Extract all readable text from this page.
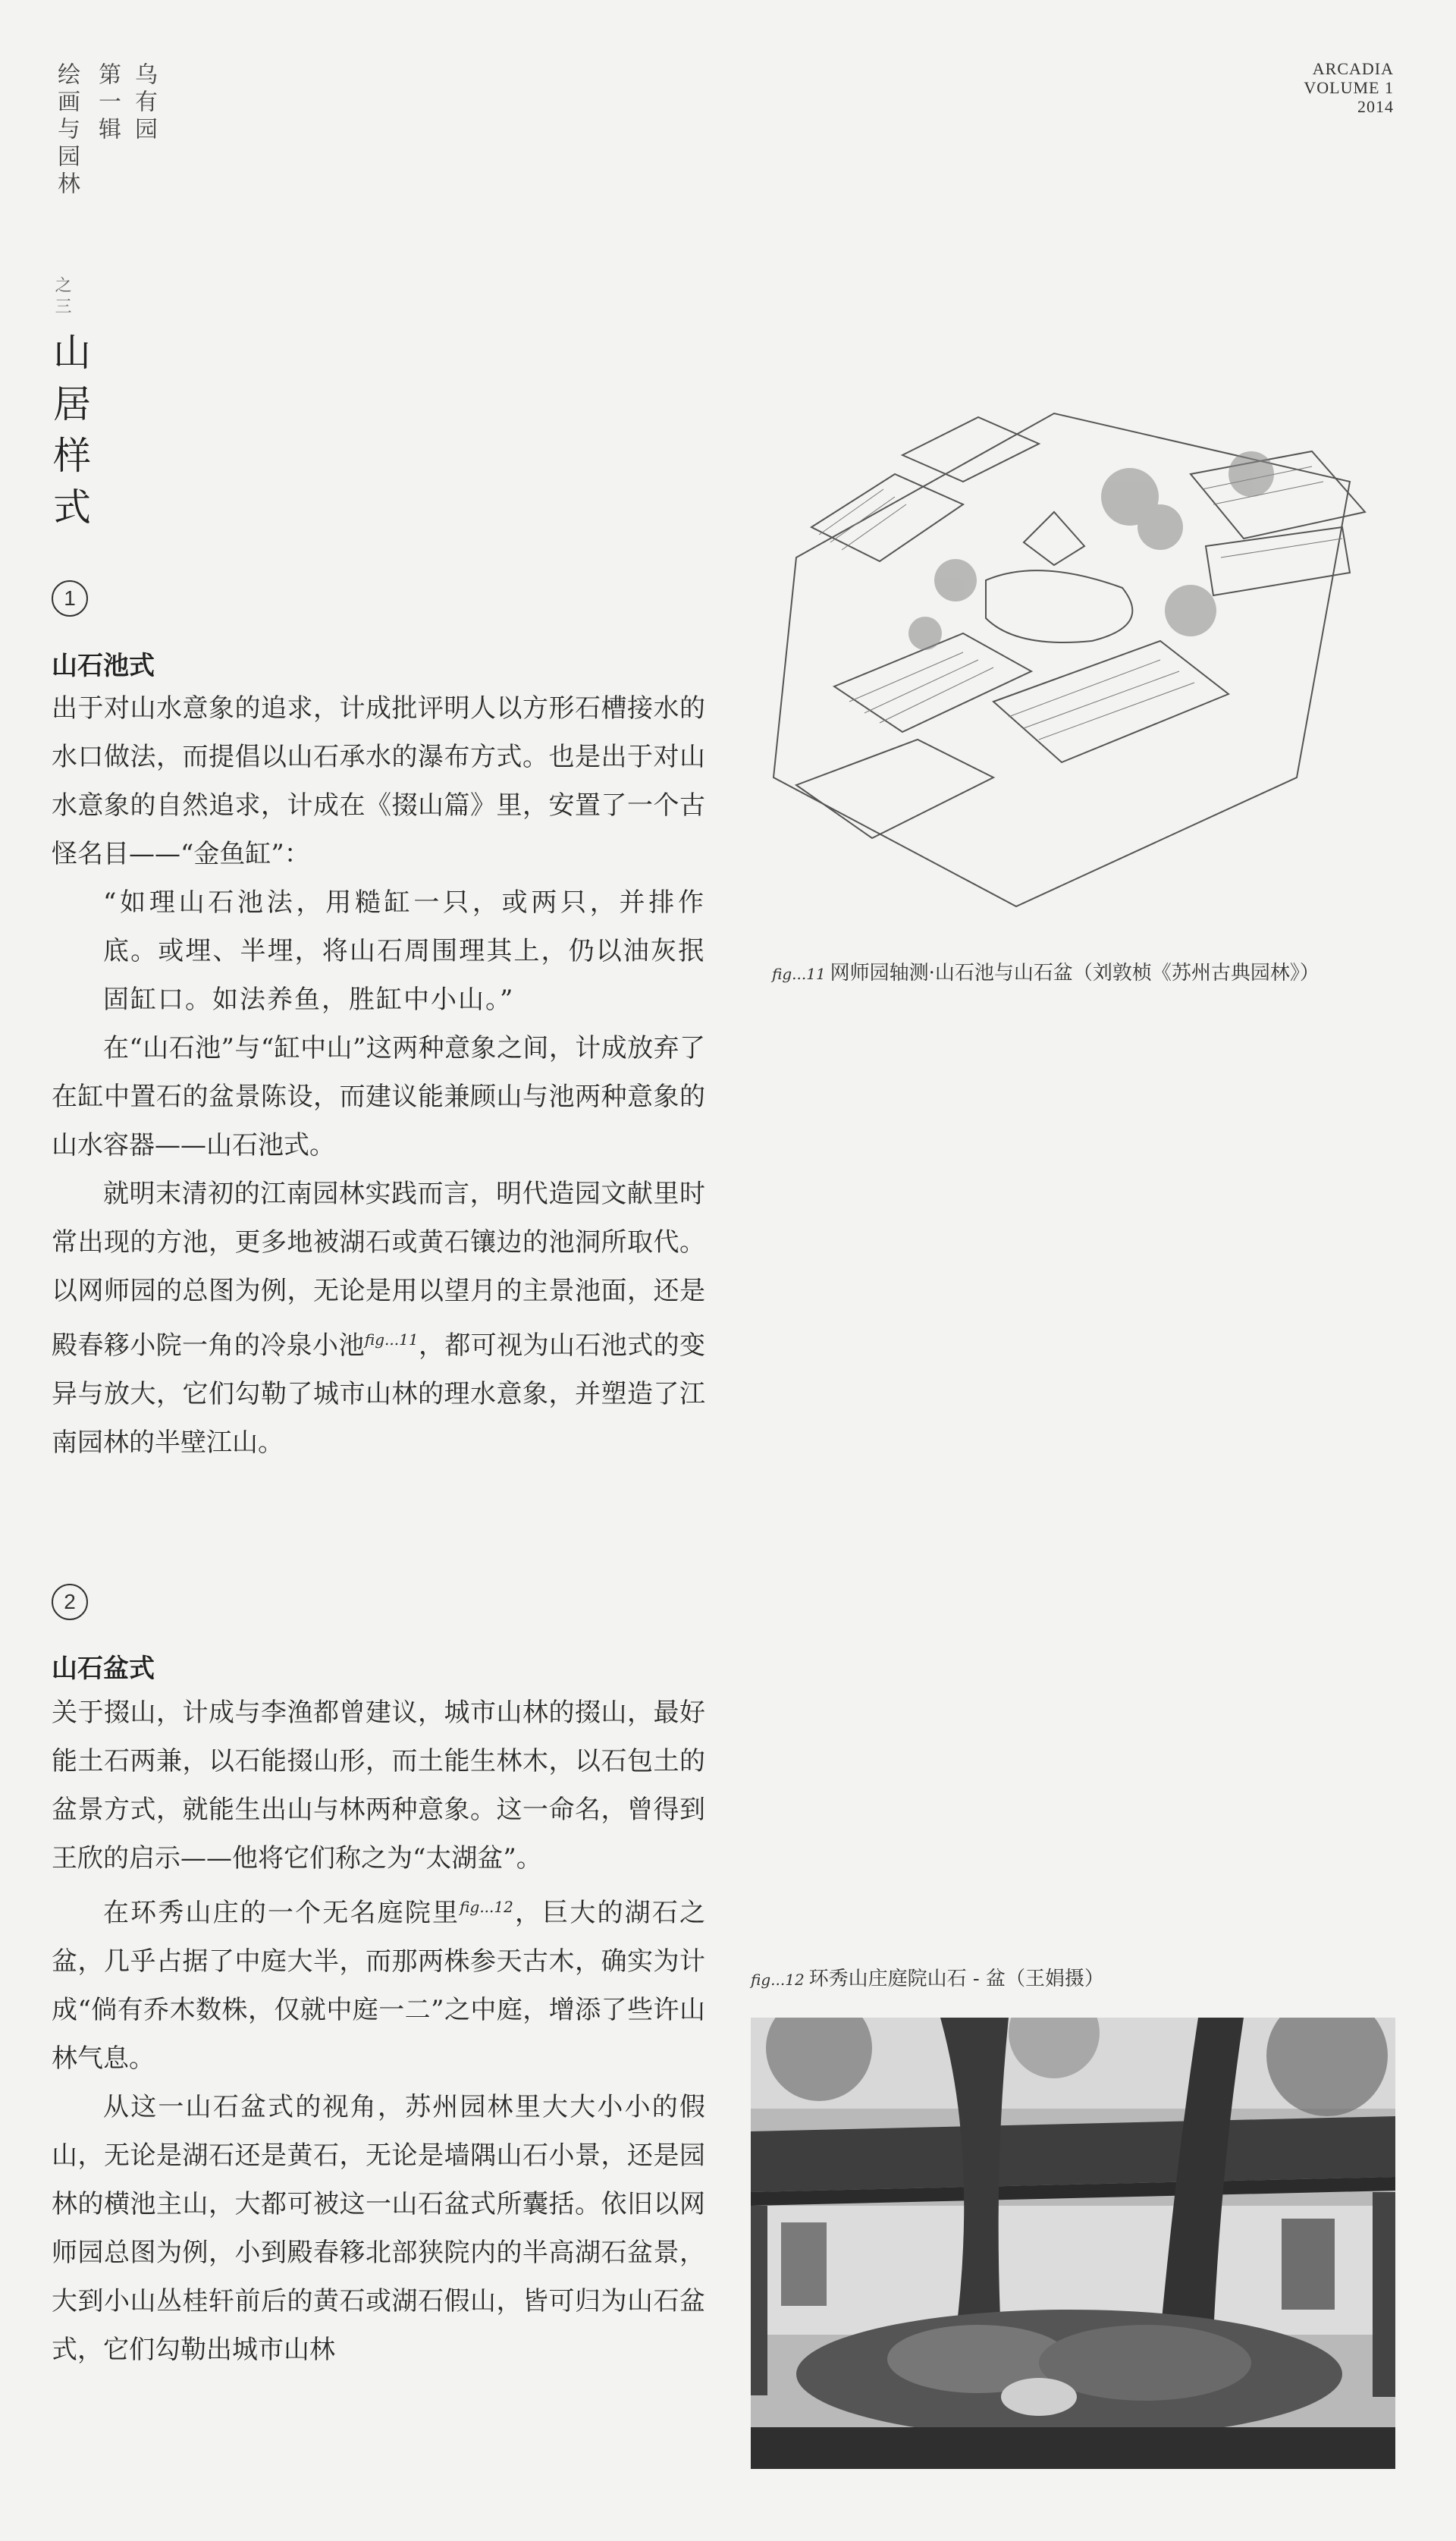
乌有园
第一辑
绘画与园林	ARCADIA
VOLUME 1
2014
之三
山居样式
1
山石池式

出于对山水意象的追求，计成批评明人以方形石槽接水的水口做法，而提倡以山石承水的瀑布方式。也是出于对山水意象的自然追求，计成在《掇山篇》里，安置了一个古怪名目——“金鱼缸”：

“如理山石池法，用糙缸一只，或两只，并排作底。或埋、半埋，将山石周围理其上，仍以油灰抿固缸口。如法养鱼，胜缸中小山。”

在“山石池”与“缸中山”这两种意象之间，计成放弃了在缸中置石的盆景陈设，而建议能兼顾山与池两种意象的山水容器——山石池式。

就明末清初的江南园林实践而言，明代造园文献里时常出现的方池，更多地被湖石或黄石镶边的池洞所取代。以网师园的总图为例，无论是用以望月的主景池面，还是殿春簃小院一角的冷泉小池$^{fig...11}$，都可视为山石池式的变异与放大，它们勾勒了城市山林的理水意象，并塑造了江南园林的半壁江山。

2
山石盆式

关于掇山，计成与李渔都曾建议，城市山林的掇山，最好能土石两兼，以石能掇山形，而土能生林木，以石包土的盆景方式，就能生出山与林两种意象。这一命名，曾得到王欣的启示——他将它们称之为“太湖盆”。

在环秀山庄的一个无名庭院里$^{fig...12}$，巨大的湖石之盆，几乎占据了中庭大半，而那两株参天古木，确实为计成“倘有乔木数株，仅就中庭一二”之中庭，增添了些许山林气息。

从这一山石盆式的视角，苏州园林里大大小小的假山，无论是湖石还是黄石，无论是墙隅山石小景，还是园林的横池主山，大都可被这一山石盆式所囊括。依旧以网师园总图为例，小到殿春簃北部狭院内的半高湖石盆景，大到小山丛桂轩前后的黄石或湖石假山，皆可归为山石盆式，它们勾勒出城市山林

fig...11 网师园轴测·山石池与山石盆（刘敦桢《苏州古典园林》）
fig...12 环秀山庄庭院山石 - 盆（王娟摄）
